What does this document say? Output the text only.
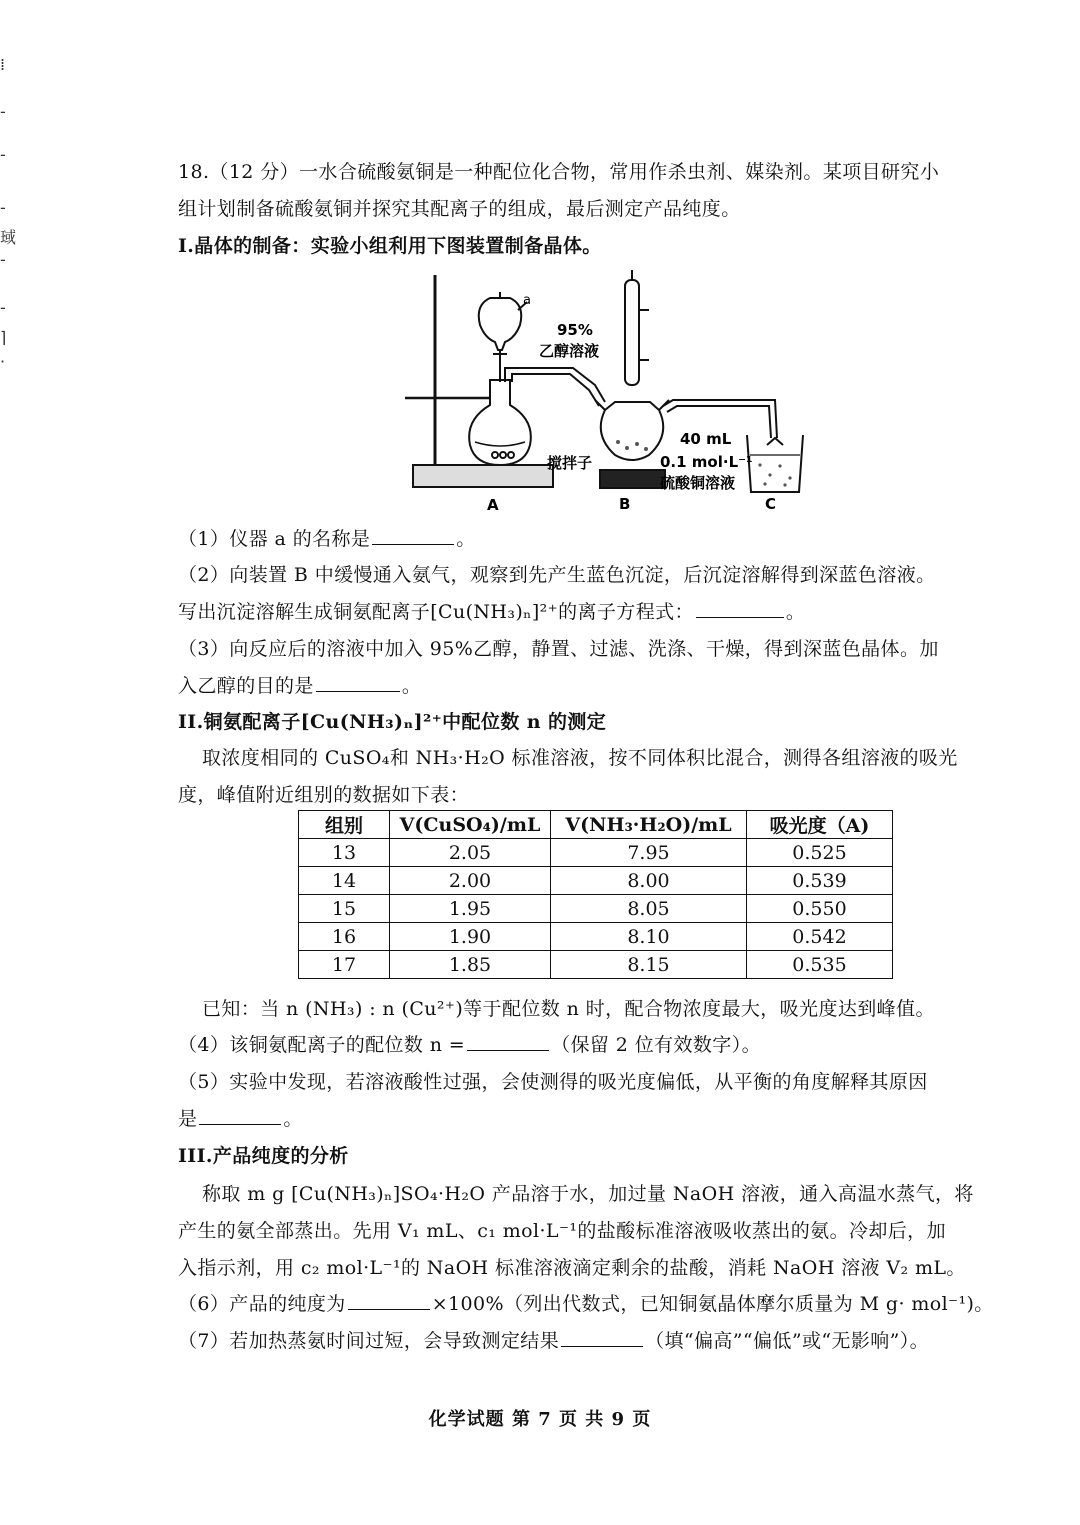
⁞
-
-
-
琙
-
-
⌉
·
18.（12 分）一水合硫酸氨铜是一种配位化合物，常用作杀虫剂、媒染剂。某项目研究小
组计划制备硫酸氨铜并探究其配离子的组成，最后测定产品纯度。
I.晶体的制备：实验小组利用下图装置制备晶体。
a
95%
乙醇溶液
40 mL
搅拌子	0.1 mol·L⁻¹
硫酸铜溶液
A	B	C
（1）仪器 a 的名称是	。
（2）向装置 B 中缓慢通入氨气，观察到先产生蓝色沉淀，后沉淀溶解得到深蓝色溶液。
写出沉淀溶解生成铜氨配离子[Cu(NH₃)ₙ]²⁺的离子方程式：	。
（3）向反应后的溶液中加入 95%乙醇，静置、过滤、洗涤、干燥，得到深蓝色晶体。加
入乙醇的目的是	。
II.铜氨配离子[Cu(NH₃)ₙ]²⁺中配位数 n 的测定
取浓度相同的 CuSO₄和 NH₃·H₂O 标准溶液，按不同体积比混合，测得各组溶液的吸光
度，峰值附近组别的数据如下表：
组别	V(CuSO₄)/mL	V(NH₃·H₂O)/mL	吸光度（A)
13	2.05	7.95	0.525
14	2.00	8.00	0.539
15	1.95	8.05	0.550
16	1.90	8.10	0.542
17	1.85	8.15	0.535
已知：当 n (NH₃) : n (Cu²⁺)等于配位数 n 时，配合物浓度最大，吸光度达到峰值。
（4）该铜氨配离子的配位数 n =	（保留 2 位有效数字）。
（5）实验中发现，若溶液酸性过强，会使测得的吸光度偏低，从平衡的角度解释其原因
是	。
III.产品纯度的分析
称取 m g [Cu(NH₃)ₙ]SO₄·H₂O 产品溶于水，加过量 NaOH 溶液，通入高温水蒸气，将
产生的氨全部蒸出。先用 V₁ mL、c₁ mol·L⁻¹的盐酸标准溶液吸收蒸出的氨。冷却后，加
入指示剂，用 c₂ mol·L⁻¹的 NaOH 标准溶液滴定剩余的盐酸，消耗 NaOH 溶液 V₂ mL。
（6）产品的纯度为	×100%（列出代数式，已知铜氨晶体摩尔质量为 M g· mol⁻¹)。
（7）若加热蒸氨时间过短，会导致测定结果	（填“偏高”“偏低”或“无影响”）。
化学试题 第 7 页 共 9 页
